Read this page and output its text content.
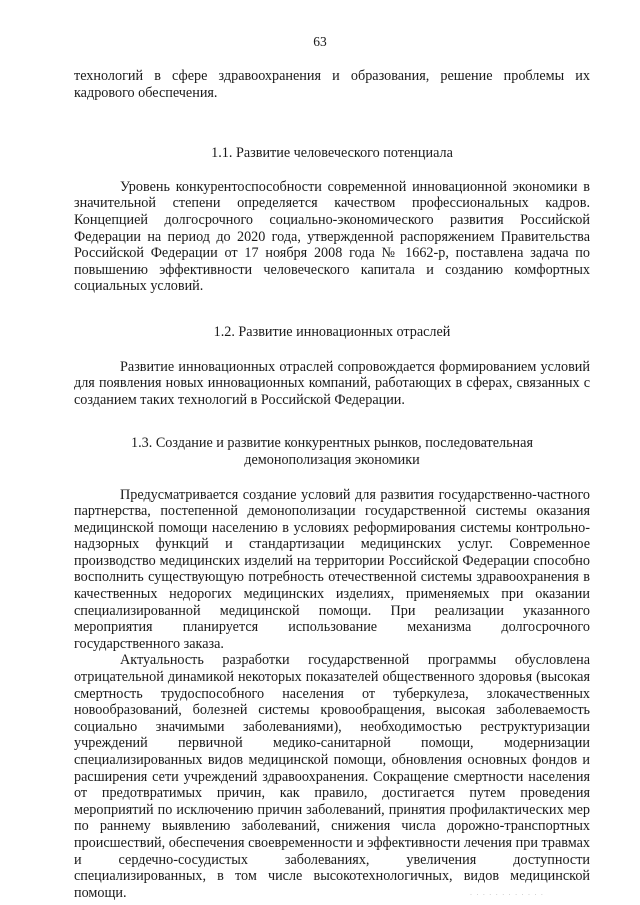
63

технологий в сфере здравоохранения и образования, решение проблемы их кадрового обеспечения.

1.1. Развитие человеческого потенциала

Уровень конкурентоспособности современной инновационной экономики в значительной степени определяется качеством профессиональных кадров. Концепцией долгосрочного социально-экономического развития Российской Федерации на период до 2020 года, утвержденной распоряжением Правительства Российской Федерации от 17 ноября 2008 года № 1662-р, поставлена задача по повышению эффективности человеческого капитала и созданию комфортных социальных условий.

1.2. Развитие инновационных отраслей

Развитие инновационных отраслей сопровождается формированием условий для появления новых инновационных компаний, работающих в сферах, связанных с созданием таких технологий в Российской Федерации.

1.3. Создание и развитие конкурентных рынков, последовательная
демонополизация экономики

Предусматривается создание условий для развития государственно-частного партнерства, постепенной демонополизации государственной системы оказания медицинской помощи населению в условиях реформирования системы контрольно-надзорных функций и стандартизации медицинских услуг. Современное производство медицинских изделий на территории Российской Федерации способно восполнить существующую потребность отечественной системы здравоохранения в качественных недорогих медицинских изделиях, применяемых при оказании специализированной медицинской помощи. При реализации указанного мероприятия планируется использование механизма долгосрочного государственного заказа.

Актуальность разработки государственной программы обусловлена отрицательной динамикой некоторых показателей общественного здоровья (высокая смертность трудоспособного населения от туберкулеза, злокачественных новообразований, болезней системы кровообращения, высокая заболеваемость социально значимыми заболеваниями), необходимостью реструктуризации учреждений первичной медико-санитарной помощи, модернизации специализированных видов медицинской помощи, обновления основных фондов и расширения сети учреждений здравоохранения. Сокращение смертности населения от предотвратимых причин, как правило, достигается путем проведения мероприятий по исключению причин заболеваний, принятия профилактических мер по раннему выявлению заболеваний, снижения числа дорожно-транспортных происшествий, обеспечения своевременности и эффективности лечения при травмах и сердечно-сосудистых заболеваниях, увеличения доступности специализированных, в том числе высокотехнологичных, видов медицинской помощи.	· · · · · · · · · · · ·
